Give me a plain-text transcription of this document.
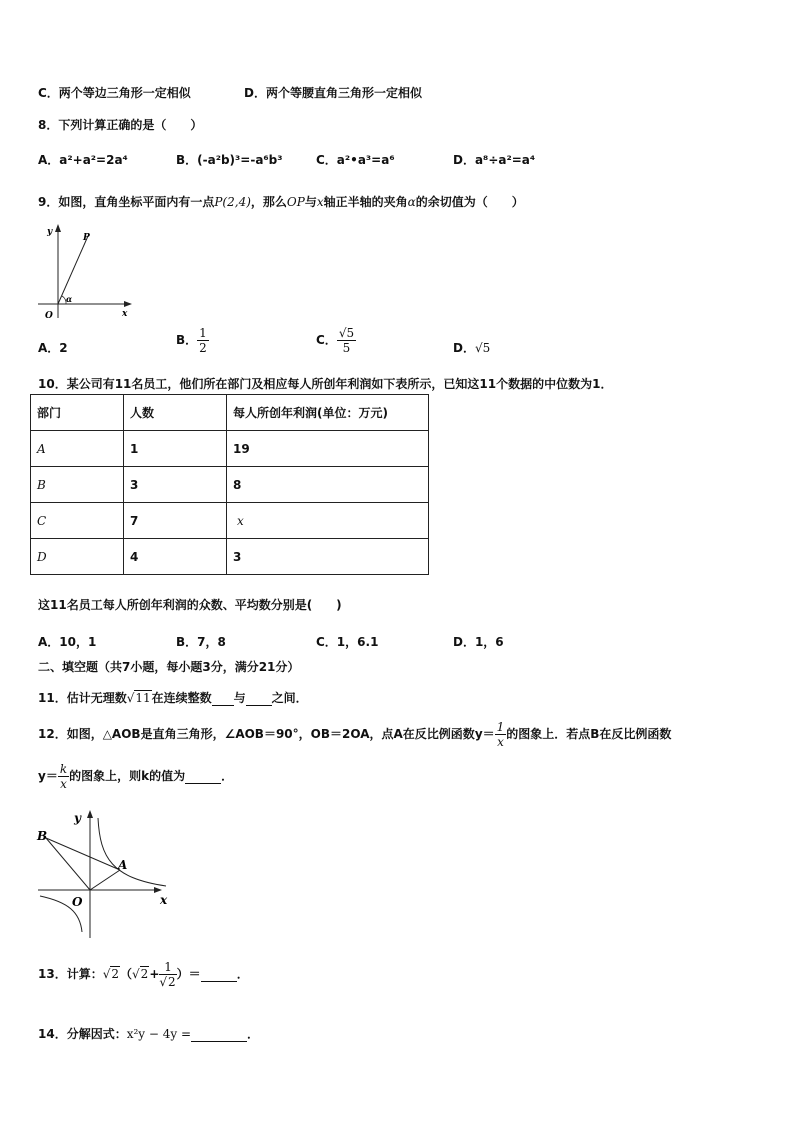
C．两个等边三角形一定相似	D．两个等腰直角三角形一定相似
8．下列计算正确的是（　　）
A．a²+a²=2a⁴	B．(-a²b)³=-a⁶b³	C．a²•a³=a⁶	D．a⁸÷a²=a⁴
9．如图，直角坐标平面内有一点P(2,4)，那么OP与x轴正半轴的夹角α的余切值为（　　）
y
P
O	x
α
A．2
B． $\frac{1}{2}$	C． $\frac{√5}{5}$	D．√5
10．某公司有11名员工，他们所在部门及相应每人所创年利润如下表所示，已知这11个数据的中位数为1．
部门	人数	每人所创年利润(单位：万元)
A	1	19
B	3	8
C	7	x
D	4	3
这11名员工每人所创年利润的众数、平均数分别是(　　)
A．10，1	B．7，8	C．1，6.1	D．1，6
二、填空题（共7小题，每小题3分，满分21分）
11．估计无理数√11在连续整数 与 之间．
12．如图，△AOB是直角三角形，∠AOB＝90°，OB＝2OA，点A在反比例函数$y= \frac{1}{x}$ 的图象上．若点B在反比例函数
$y= \frac{k}{x}$ 的图象上，则k的值为	．
B
y
A
O	x
13．计算：$√2(√2+ \frac{1}{√2}$ ）＝	．
14．分解因式：x²y − 4y =	．
